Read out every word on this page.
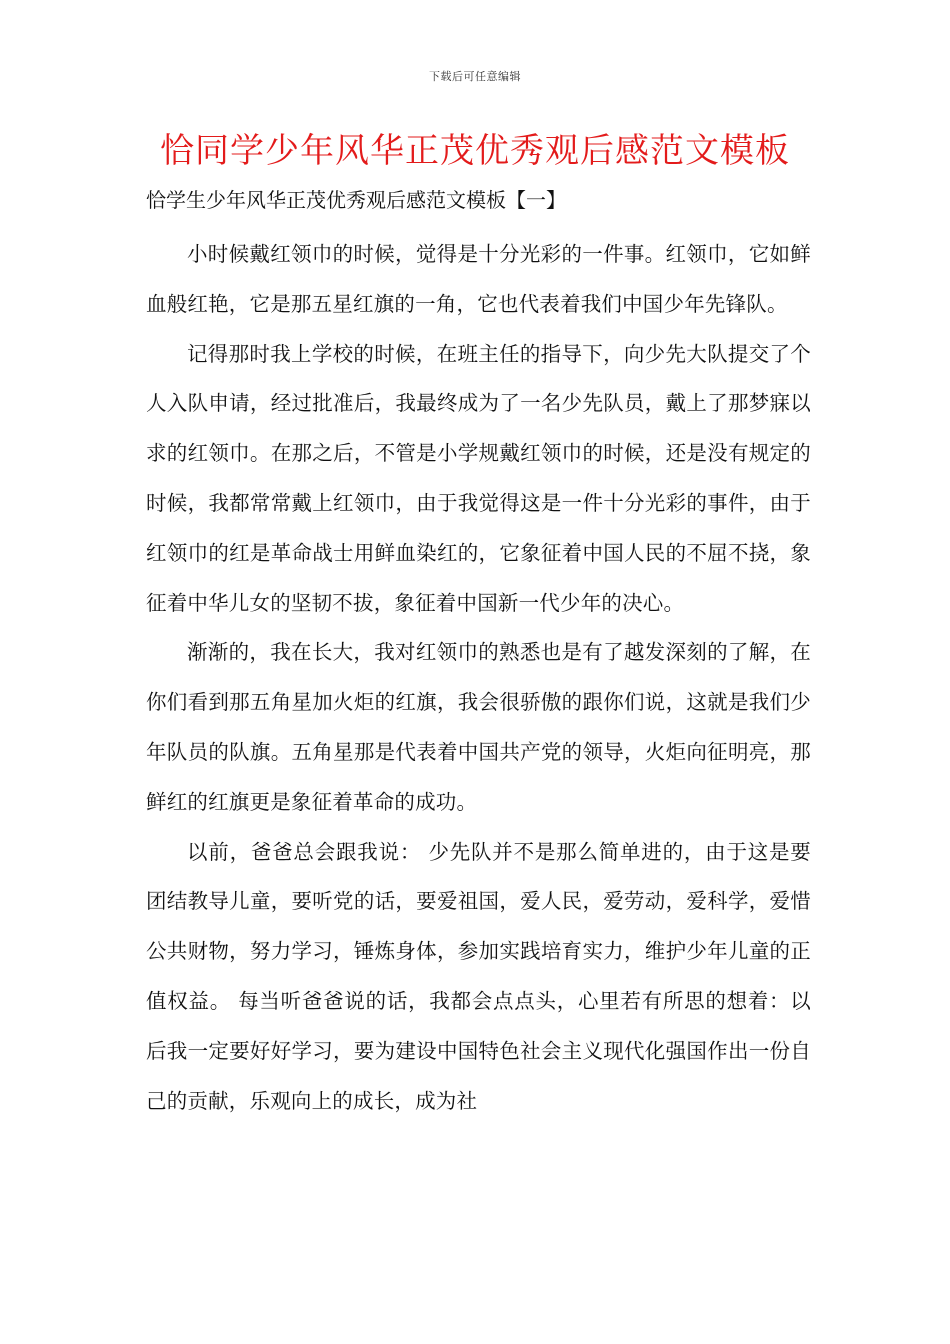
下载后可任意编辑
恰同学少年风华正茂优秀观后感范文模板

恰学生少年风华正茂优秀观后感范文模板【一】

小时候戴红领巾的时候，觉得是十分光彩的一件事。红领巾，它如鲜血般红艳，它是那五星红旗的一角，它也代表着我们中国少年先锋队。

记得那时我上学校的时候，在班主任的指导下，向少先大队提交了个人入队申请，经过批准后，我最终成为了一名少先队员，戴上了那梦寐以求的红领巾。在那之后，不管是小学规戴红领巾的时候，还是没有规定的时候，我都常常戴上红领巾，由于我觉得这是一件十分光彩的事件，由于红领巾的红是革命战士用鲜血染红的，它象征着中国人民的不屈不挠，象征着中华儿女的坚韧不拔，象征着中国新一代少年的决心。

渐渐的，我在长大，我对红领巾的熟悉也是有了越发深刻的了解，在你们看到那五角星加火炬的红旗，我会很骄傲的跟你们说，这就是我们少年队员的队旗。五角星那是代表着中国共产党的领导，火炬向征明亮，那鲜红的红旗更是象征着革命的成功。

以前，爸爸总会跟我说： 少先队并不是那么简单进的，由于这是要团结教导儿童，要听党的话，要爱祖国，爱人民，爱劳动，爱科学，爱惜公共财物，努力学习，锤炼身体，参加实践培育实力，维护少年儿童的正值权益。 每当听爸爸说的话，我都会点点头，心里若有所思的想着：以后我一定要好好学习，要为建设中国特色社会主义现代化强国作出一份自己的贡献，乐观向上的成长，成为社
